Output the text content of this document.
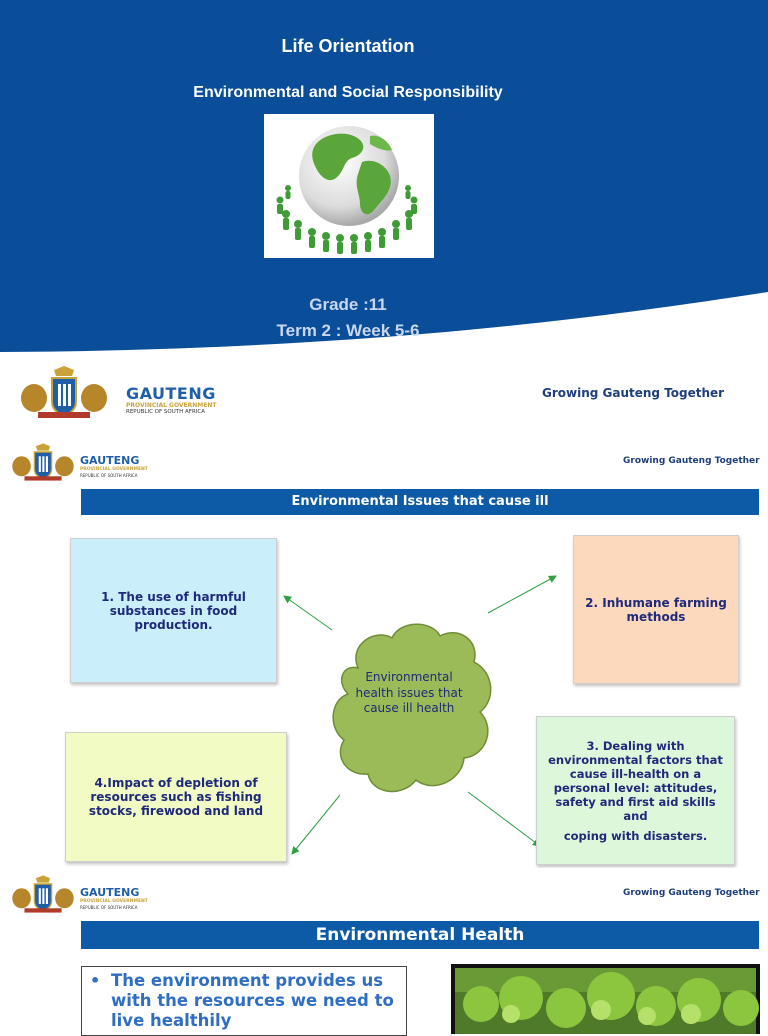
Life Orientation
Environmental and Social Responsibility
Grade :11
Term 2 : Week 5-6
GAUTENG
PROVINCIAL GOVERNMENT
REPUBLIC OF SOUTH AFRICA
Growing Gauteng Together
GAUTENG
PROVINCIAL GOVERNMENT
REPUBLIC OF SOUTH AFRICA
Growing Gauteng Together
Environmental Issues that cause ill
Environmental health issues that cause ill health
1. The use of harmful substances in food production.
2. Inhumane farming methods
3. Dealing with environmental factors that cause ill-health on a personal level: attitudes, safety and first aid skills and
coping with disasters.
4.Impact of depletion of resources such as fishing stocks, firewood and land
GAUTENG
PROVINCIAL GOVERNMENT
REPUBLIC OF SOUTH AFRICA
Growing Gauteng Together
Environmental Health
• The environment provides us with the resources we need to live healthily
